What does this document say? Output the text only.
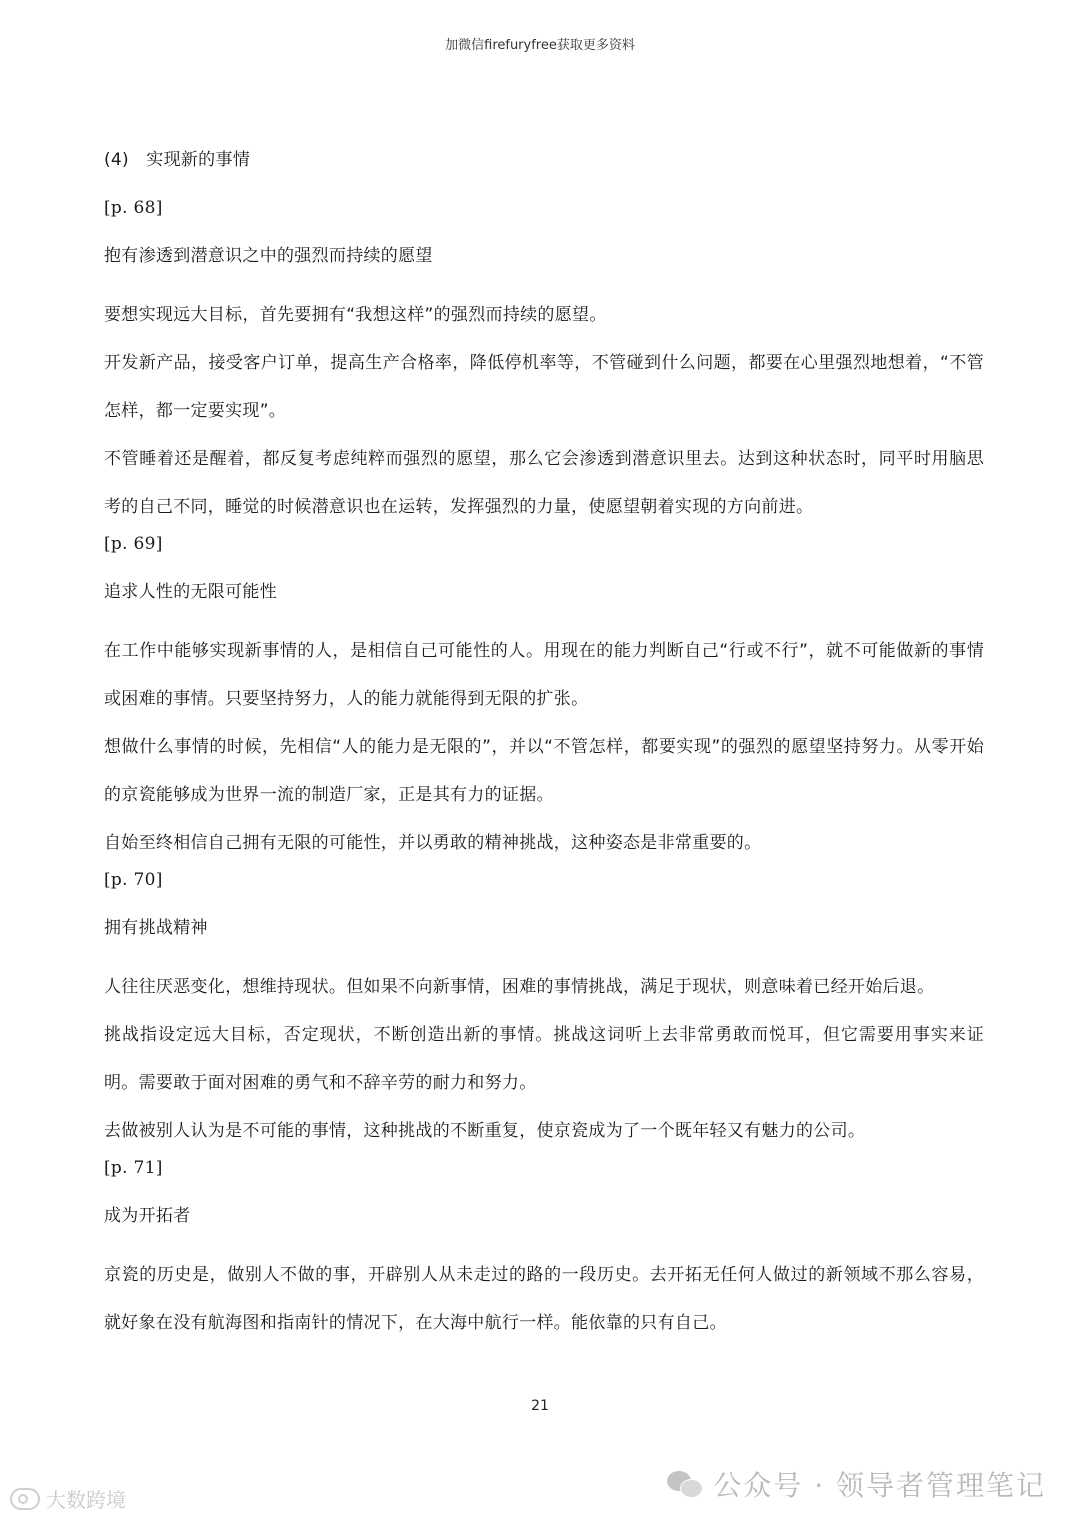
加微信firefuryfree获取更多资料
(4)　实现新的事情
[p. 68]
抱有渗透到潜意识之中的强烈而持续的愿望
要想实现远大目标，首先要拥有“我想这样”的强烈而持续的愿望。
开发新产品，接受客户订单，提高生产合格率，降低停机率等，不管碰到什么问题，都要在心里强烈地想着，“不管怎样，都一定要实现”。
不管睡着还是醒着，都反复考虑纯粹而强烈的愿望，那么它会渗透到潜意识里去。达到这种状态时，同平时用脑思考的自己不同，睡觉的时候潜意识也在运转，发挥强烈的力量，使愿望朝着实现的方向前进。
[p. 69]
追求人性的无限可能性
在工作中能够实现新事情的人，是相信自己可能性的人。用现在的能力判断自己“行或不行”，就不可能做新的事情或困难的事情。只要坚持努力，人的能力就能得到无限的扩张。
想做什么事情的时候，先相信“人的能力是无限的”，并以“不管怎样，都要实现”的强烈的愿望坚持努力。从零开始的京瓷能够成为世界一流的制造厂家，正是其有力的证据。
自始至终相信自己拥有无限的可能性，并以勇敢的精神挑战，这种姿态是非常重要的。
[p. 70]
拥有挑战精神
人往往厌恶变化，想维持现状。但如果不向新事情，困难的事情挑战，满足于现状，则意味着已经开始后退。
挑战指设定远大目标，否定现状，不断创造出新的事情。挑战这词听上去非常勇敢而悦耳，但它需要用事实来证明。需要敢于面对困难的勇气和不辞辛劳的耐力和努力。
去做被别人认为是不可能的事情，这种挑战的不断重复，使京瓷成为了一个既年轻又有魅力的公司。
[p. 71]
成为开拓者
京瓷的历史是，做别人不做的事，开辟别人从未走过的路的一段历史。去开拓无任何人做过的新领域不那么容易，就好象在没有航海图和指南针的情况下，在大海中航行一样。能依靠的只有自己。
21
公众号 · 领导者管理笔记
大数跨境
